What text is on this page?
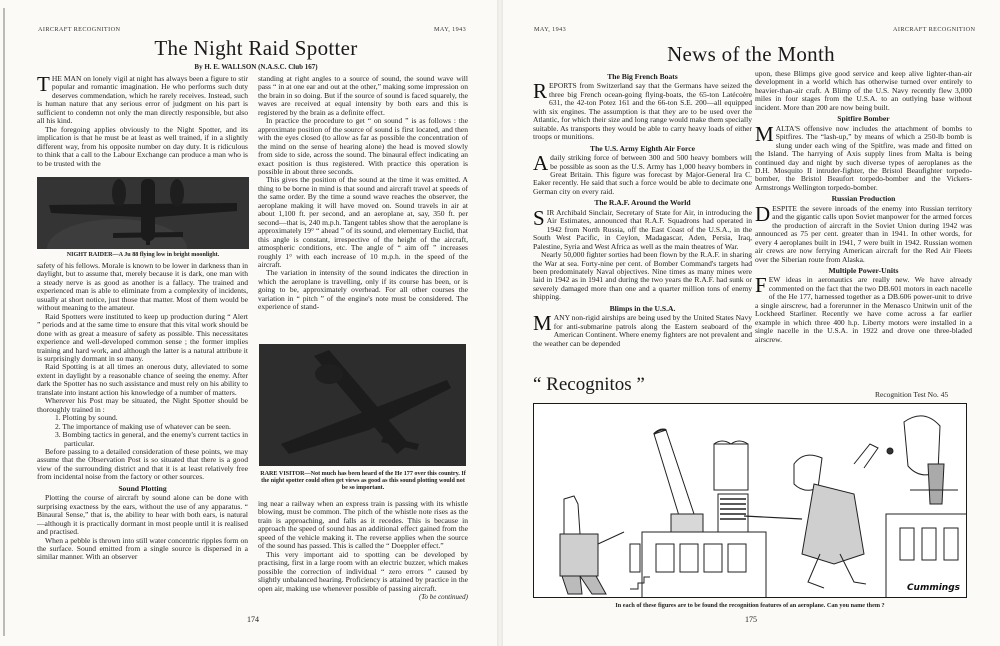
AIRCRAFT RECOGNITION	MAY, 1943
The Night Raid Spotter
By H. E. WALLSON (N.A.S.C. Club 167)

THE MAN on lonely vigil at night has always been a figure to stir popular and romantic imagination. He who performs such duty deserves commendation, which he rarely receives. Instead, such is human nature that any serious error of judgment on his part is sufficient to condemn not only the man directly responsible, but also all his kind.

The foregoing applies obviously to the Night Spotter, and its implication is that he must be at least as well trained, if in a slightly different way, from his opposite number on day duty. It is ridiculous to think that a call to the Labour Exchange can produce a man who is to be trusted with the

NIGHT RAIDER—A Ju 88 flying low in bright moonlight.

safety of his fellows. Morale is known to be lower in darkness than in daylight, but to assume that, merely because it is dark, one man with a steady nerve is as good as another is a fallacy. The trained and experienced man is able to eliminate from a complexity of incidents, usually at short notice, just those that matter. Most of them would be without meaning to the amateur.

Raid Spotters were instituted to keep up production during “ Alert ” periods and at the same time to ensure that this vital work should be done with as great a measure of safety as possible. This necessitates experience and well-developed common sense ; the former implies training and hard work, and although the latter is a natural attribute it is surprisingly dormant in so many.

Raid Spotting is at all times an onerous duty, alleviated to some extent in daylight by a reasonable chance of seeing the enemy. After dark the Spotter has no such assistance and must rely on his ability to translate into instant action his knowledge of a number of matters.

Wherever his Post may be situated, the Night Spotter should be thoroughly trained in :

1. Plotting by sound.
2. The importance of making use of whatever can be seen.
3. Bombing tactics in general, and the enemy's current tactics in particular.

Before passing to a detailed consideration of these points, we may assume that the Observation Post is so situated that there is a good view of the surrounding district and that it is at least relatively free from incidental noise from the factory or other sources.

Sound Plotting

Plotting the course of aircraft by sound alone can be done with surprising exactness by the ears, without the use of any apparatus. “ Binaural Sense,” that is, the ability to hear with both ears, is natural—although it is practically dormant in most people until it is realised and practised.

When a pebble is thrown into still water concentric ripples form on the surface. Sound emitted from a single source is dispersed in a similar manner. With an observer

standing at right angles to a source of sound, the sound wave will pass “ in at one ear and out at the other,” making some impression on the brain in so doing. But if the source of sound is faced squarely, the waves are received at equal intensity by both ears and this is registered by the brain as a definite effect.

In practice the procedure to get “ on sound ” is as follows : the approximate position of the source of sound is first located, and then with the eyes closed (to allow as far as possible the concentration of the mind on the sense of hearing alone) the head is moved slowly from side to side, across the sound. The binaural effect indicating an exact position is thus registered. With practice this operation is possible in about three seconds.

This gives the position of the sound at the time it was emitted. A thing to be borne in mind is that sound and aircraft travel at speeds of the same order. By the time a sound wave reaches the observer, the aeroplane making it will have moved on. Sound travels in air at about 1,100 ft. per second, and an aeroplane at, say, 350 ft. per second—that is, 240 m.p.h. Tangent tables show that the aeroplane is approximately 19° “ ahead ” of its sound, and elementary Euclid, that this angle is constant, irrespective of the height of the aircraft, atmospheric conditions, etc. The angle of “ aim off ” increases roughly 1° with each increase of 10 m.p.h. in the speed of the aircraft.

The variation in intensity of the sound indicates the direction in which the aeroplane is travelling, only if its course has been, or is going to be, approximately overhead. For all other courses the variation in “ pitch ” of the engine's note must be considered. The experience of stand-

RARE VISITOR—Not much has been heard of the He 177 over this country. If the night spotter could often get views as good as this sound plotting would not be so important.

ing near a railway when an express train is passing with its whistle blowing, must be common. The pitch of the whistle note rises as the train is approaching, and falls as it recedes. This is because in approach the speed of sound has an additional effect gained from the speed of the vehicle making it. The reverse applies when the source of the sound has passed. This is called the “ Doeppler effect.”

This very important aid to spotting can be developed by practising, first in a large room with an electric buzzer, which makes possible the correction of individual “ zero errors ” caused by slightly unbalanced hearing. Proficiency is attained by practice in the open air, making use whenever possible of passing aircraft.
(To be continued)

174
MAY, 1943	AIRCRAFT RECOGNITION
News of the Month
The Big French Boats

REPORTS from Switzerland say that the Germans have seized the three big French ocean-going flying-boats, the 65-ton Latécoère 631, the 42-ton Potez 161 and the 66-ton S.E. 200—all equipped with six engines. The assumption is that they are to be used over the Atlantic, for which their size and long range would make them specially suitable. As transports they would be able to carry heavy loads of either troops or munitions.

The U.S. Army Eighth Air Force

A daily striking force of between 300 and 500 heavy bombers will be possible as soon as the U.S. Army has 1,000 heavy bombers in Great Britain. This figure was forecast by Major-General Ira C. Eaker recently. He said that such a force would be able to decimate one German city on every raid.

The R.A.F. Around the World

SIR Archibald Sinclair, Secretary of State for Air, in introducing the Air Estimates, announced that R.A.F. Squadrons had operated in 1942 from North Russia, off the East Coast of the U.S.A., in the South West Pacific, in Ceylon, Madagascar, Aden, Persia, Iraq, Palestine, Syria and West Africa as well as the main theatres of War.

Nearly 50,000 fighter sorties had been flown by the R.A.F. in sharing the War at sea. Forty-nine per cent. of Bomber Command's targets had been predominately Naval objectives. Nine times as many mines were laid in 1942 as in 1941 and during the two years the R.A.F. had sunk or severely damaged more than one and a quarter million tons of enemy shipping.

Blimps in the U.S.A.

MANY non-rigid airships are being used by the United States Navy for anti-submarine patrols along the Eastern seaboard of the American Continent. Where enemy fighters are not prevalent and the weather can be depended

upon, these Blimps give good service and keep alive lighter-than-air development in a world which has otherwise turned over entirely to heavier-than-air craft. A Blimp of the U.S. Navy recently flew 3,000 miles in four stages from the U.S.A. to an outlying base without incident. More than 200 are now being built.

Spitfire Bomber

MALTA'S offensive now includes the attachment of bombs to Spitfires. The “lash-up,” by means of which a 250-lb bomb is slung under each wing of the Spitfire, was made and fitted on the Island. The harrying of Axis supply lines from Malta is being continued day and night by such diverse types of aeroplanes as the D.H. Mosquito II intruder-fighter, the Bristol Beaufighter torpedo-bomber, the Bristol Beaufort torpedo-bomber and the Vickers-Armstrongs Wellington torpedo-bomber.

Russian Production

DESPITE the severe inroads of the enemy into Russian territory and the gigantic calls upon Soviet manpower for the armed forces the production of aircraft in the Soviet Union during 1942 was announced as 75 per cent. greater than in 1941. In other words, for every 4 aeroplanes built in 1941, 7 were built in 1942. Russian women air crews are now ferrying American aircraft for the Red Air Fleets over the Siberian route from Alaska.

Multiple Power-Units

FEW ideas in aeronautics are really new. We have already commented on the fact that the two DB.601 motors in each nacelle of the He 177, harnessed together as a DB.606 power-unit to drive a single airscrew, had a forerunner in the Menasco Unitwin unit of the Lockheed Starliner. Recently we have come across a far earlier example in which three 400 h.p. Liberty motors were installed in a single nacelle in the U.S.A. in 1922 and drove one three-bladed airscrew.

“ Recognitos ”	Recognition Test No. 45
Cummings
In each of these figures are to be found the recognition features of an aeroplane. Can you name them ?
175
